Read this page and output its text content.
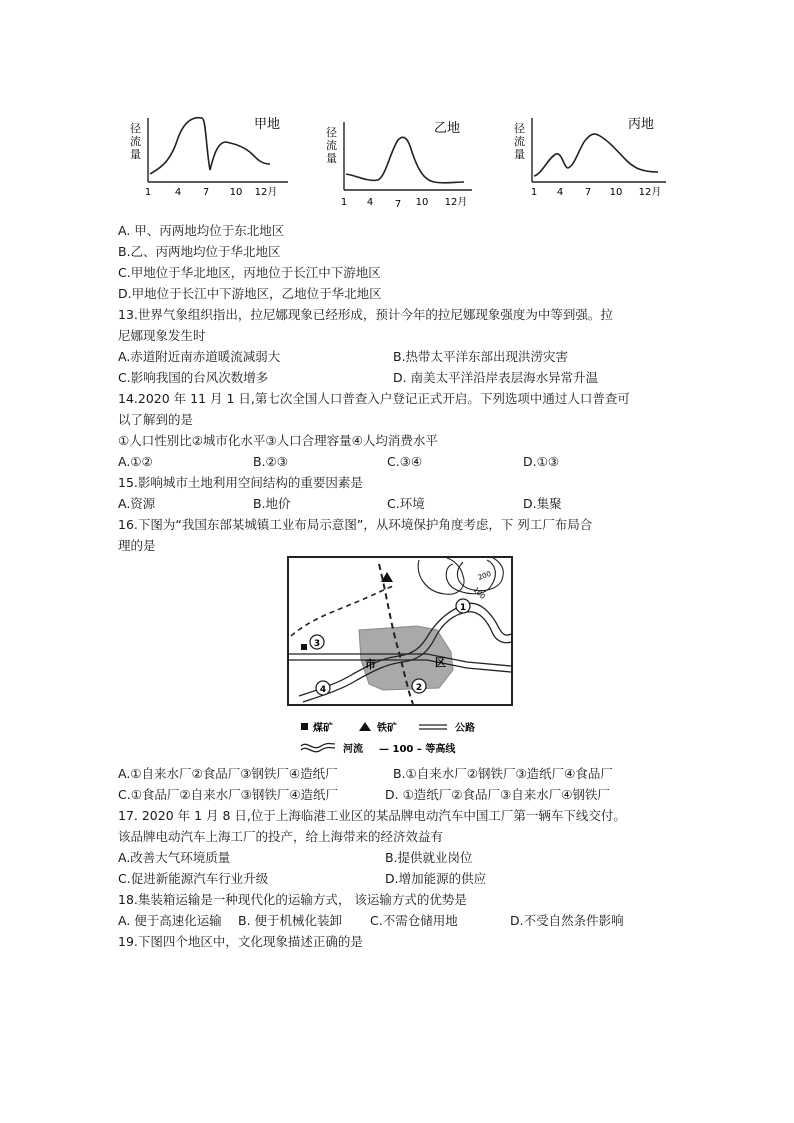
甲地
径
流
量
1 4 7 10 12月
乙地
径
流
量
1 4 7 10 12月
丙地
径
流
量
1 4 7 10 12月
A. 甲、丙两地均位于东北地区
B.乙、丙两地均位于华北地区
C.甲地位于华北地区，丙地位于长江中下游地区
D.甲地位于长江中下游地区，乙地位于华北地区
13.世界气象组织指出，拉尼娜现象已经形成，预计今年的拉尼娜现象强度为中等到强。拉
尼娜现象发生时
A.赤道附近南赤道暖流减弱大	B.热带太平洋东部出现洪涝灾害
C.影响我国的台风次数增多	D. 南美太平洋沿岸表层海水异常升温
14.2020 年 11 月 1 日,第七次全国人口普查入户登记正式开启。下列选项中通过人口普查可
以了解到的是
①人口性别比②城市化水平③人口合理容量④人均消费水平
A.①②	B.②③	C.③④	D.①③
15.影响城市土地利用空间结构的重要因素是
A.资源	B.地价	C.环境	D.集聚
16.下图为“我国东部某城镇工业布局示意图”，从环境保护角度考虑，下 列工厂布局合
理的是
200
100
市	区
1
2
3
4
煤矿	铁矿	公路
河流 — 100 – 等高线
A.①自来水厂②食品厂③钢铁厂④造纸厂	B.①自来水厂②钢铁厂③造纸厂④食品厂
C.①食品厂②自来水厂③钢铁厂④造纸厂	D. ①造纸厂②食品厂③自来水厂④钢铁厂
17. 2020 年 1 月 8 日,位于上海临港工业区的某品牌电动汽车中国工厂第一辆车下线交付。
该品牌电动汽车上海工厂的投产，给上海带来的经济效益有
A.改善大气环境质量	B.提供就业岗位
C.促进新能源汽车行业升级	D.增加能源的供应
18.集装箱运输是一种现代化的运输方式， 该运输方式的优势是
A. 便于高速化运输 B. 便于机械化装卸 C.不需仓储用地	D.不受自然条件影响
19.下图四个地区中，文化现象描述正确的是
